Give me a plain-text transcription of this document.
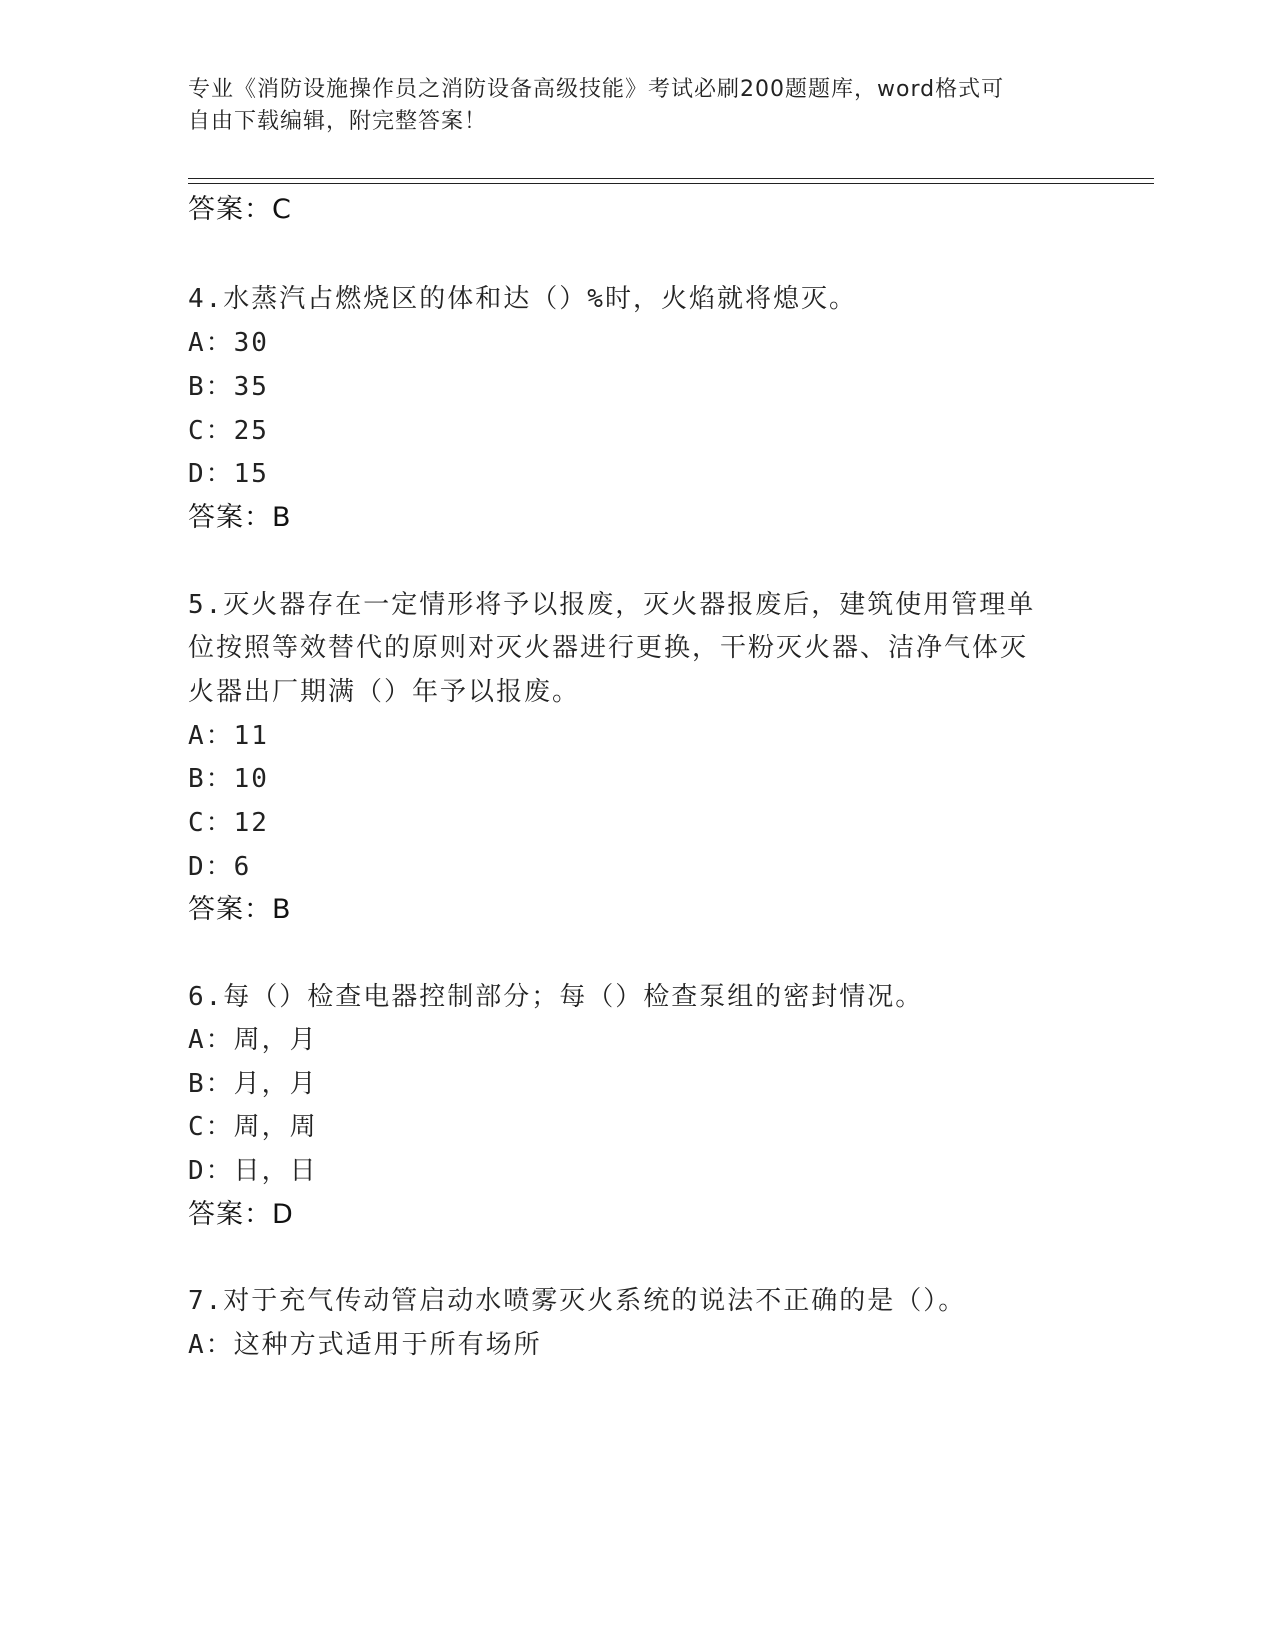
专业《消防设施操作员之消防设备高级技能》考试必刷200题题库，word格式可
自由下载编辑，附完整答案！
答案：C
4.水蒸汽占燃烧区的体和达（）%时，火焰就将熄灭。
A：30
B：35
C：25
D：15
答案：B
5.灭火器存在一定情形将予以报废，灭火器报废后，建筑使用管理单
位按照等效替代的原则对灭火器进行更换，干粉灭火器、洁净气体灭
火器出厂期满（）年予以报废。
A：11
B：10
C：12
D：6
答案：B
6.每（）检查电器控制部分；每（）检查泵组的密封情况。
A：周，月
B：月，月
C：周，周
D：日，日
答案：D
7.对于充气传动管启动水喷雾灭火系统的说法不正确的是（）。
A：这种方式适用于所有场所
